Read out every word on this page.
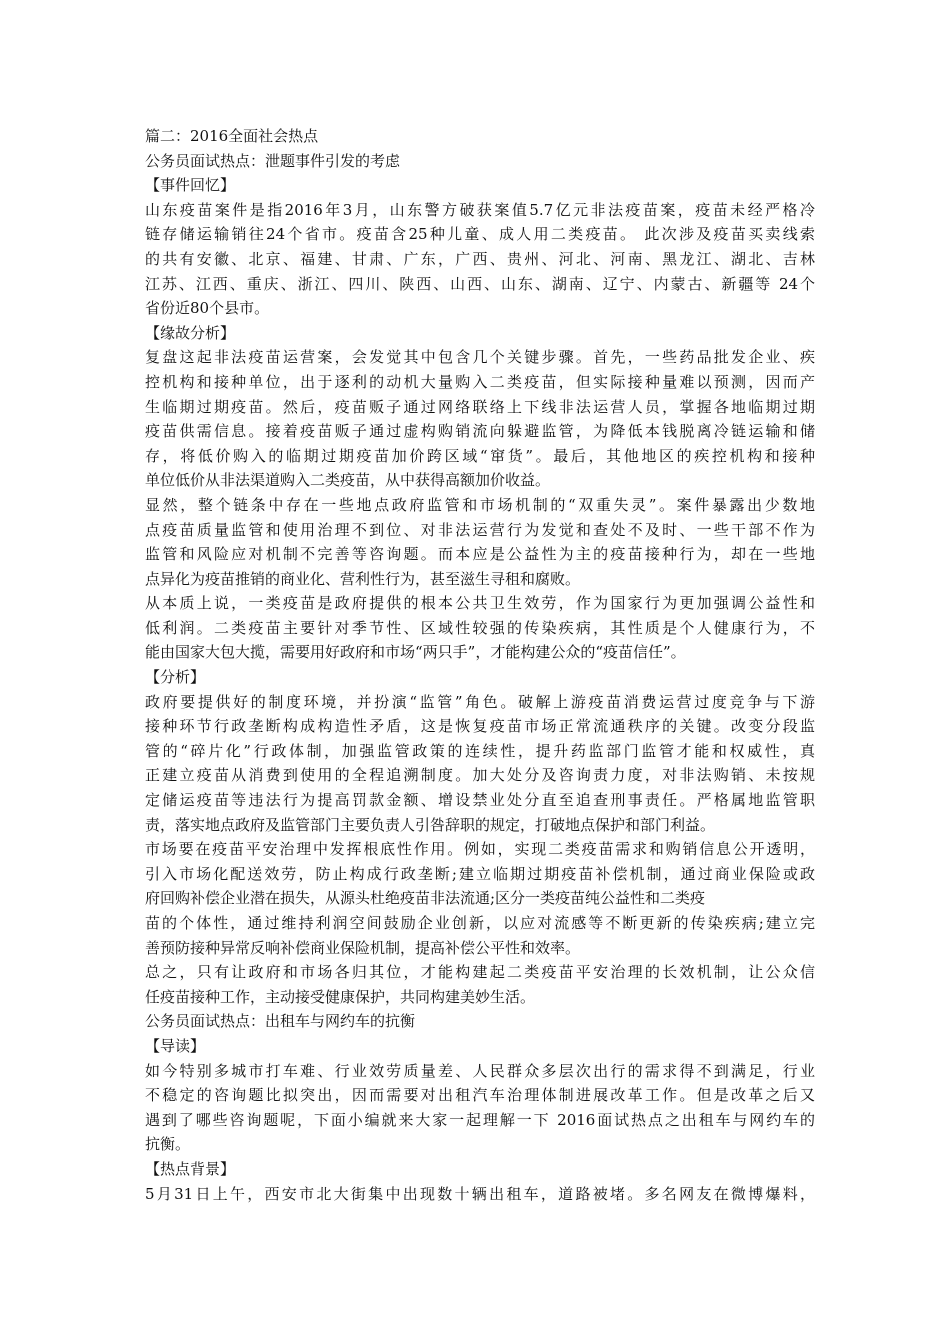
篇二：2016全面社会热点
公务员面试热点：泄题事件引发的考虑
【事件回忆】
山东疫苗案件是指2016年3月，山东警方破获案值5.7亿元非法疫苗案，疫苗未经严格冷
链存储运输销往24个省市。疫苗含25种儿童、成人用二类疫苗。 此次涉及疫苗买卖线索
的共有安徽、北京、福建、甘肃、广东，广西、贵州、河北、河南、黑龙江、湖北、吉林
江苏、江西、重庆、浙江、四川、陕西、山西、山东、湖南、辽宁、内蒙古、新疆等 24个
省份近80个县市。
【缘故分析】
复盘这起非法疫苗运营案，会发觉其中包含几个关键步骤。首先，一些药品批发企业、疾
控机构和接种单位，出于逐利的动机大量购入二类疫苗，但实际接种量难以预测，因而产
生临期过期疫苗。然后，疫苗贩子通过网络联络上下线非法运营人员，掌握各地临期过期
疫苗供需信息。接着疫苗贩子通过虚构购销流向躲避监管，为降低本钱脱离冷链运输和储
存，将低价购入的临期过期疫苗加价跨区域“窜货”。最后，其他地区的疾控机构和接种
单位低价从非法渠道购入二类疫苗，从中获得高额加价收益。
显然，整个链条中存在一些地点政府监管和市场机制的“双重失灵”。案件暴露出少数地
点疫苗质量监管和使用治理不到位、对非法运营行为发觉和查处不及时、一些干部不作为
监管和风险应对机制不完善等咨询题。而本应是公益性为主的疫苗接种行为，却在一些地
点异化为疫苗推销的商业化、营利性行为，甚至滋生寻租和腐败。
从本质上说，一类疫苗是政府提供的根本公共卫生效劳，作为国家行为更加强调公益性和
低利润。二类疫苗主要针对季节性、区域性较强的传染疾病，其性质是个人健康行为，不
能由国家大包大揽，需要用好政府和市场“两只手”，才能构建公众的“疫苗信任”。
【分析】
政府要提供好的制度环境，并扮演“监管”角色。破解上游疫苗消费运营过度竞争与下游
接种环节行政垄断构成构造性矛盾，这是恢复疫苗市场正常流通秩序的关键。改变分段监
管的“碎片化”行政体制，加强监管政策的连续性，提升药监部门监管才能和权威性，真
正建立疫苗从消费到使用的全程追溯制度。加大处分及咨询责力度，对非法购销、未按规
定储运疫苗等违法行为提高罚款金额、增设禁业处分直至追查刑事责任。严格属地监管职
责，落实地点政府及监管部门主要负责人引咎辞职的规定，打破地点保护和部门利益。
市场要在疫苗平安治理中发挥根底性作用。例如，实现二类疫苗需求和购销信息公开透明，
引入市场化配送效劳，防止构成行政垄断;建立临期过期疫苗补偿机制，通过商业保险或政
府回购补偿企业潜在损失，从源头杜绝疫苗非法流通;区分一类疫苗纯公益性和二类疫
苗的个体性，通过维持利润空间鼓励企业创新，以应对流感等不断更新的传染疾病;建立完
善预防接种异常反响补偿商业保险机制，提高补偿公平性和效率。
总之，只有让政府和市场各归其位，才能构建起二类疫苗平安治理的长效机制，让公众信
任疫苗接种工作，主动接受健康保护，共同构建美妙生活。
公务员面试热点：出租车与网约车的抗衡
【导读】
如今特别多城市打车难、行业效劳质量差、人民群众多层次出行的需求得不到满足，行业
不稳定的咨询题比拟突出，因而需要对出租汽车治理体制进展改革工作。但是改革之后又
遇到了哪些咨询题呢，下面小编就来大家一起理解一下 2016面试热点之出租车与网约车的
抗衡。
【热点背景】
5月31日上午，西安市北大街集中出现数十辆出租车，道路被堵。多名网友在微博爆料，
